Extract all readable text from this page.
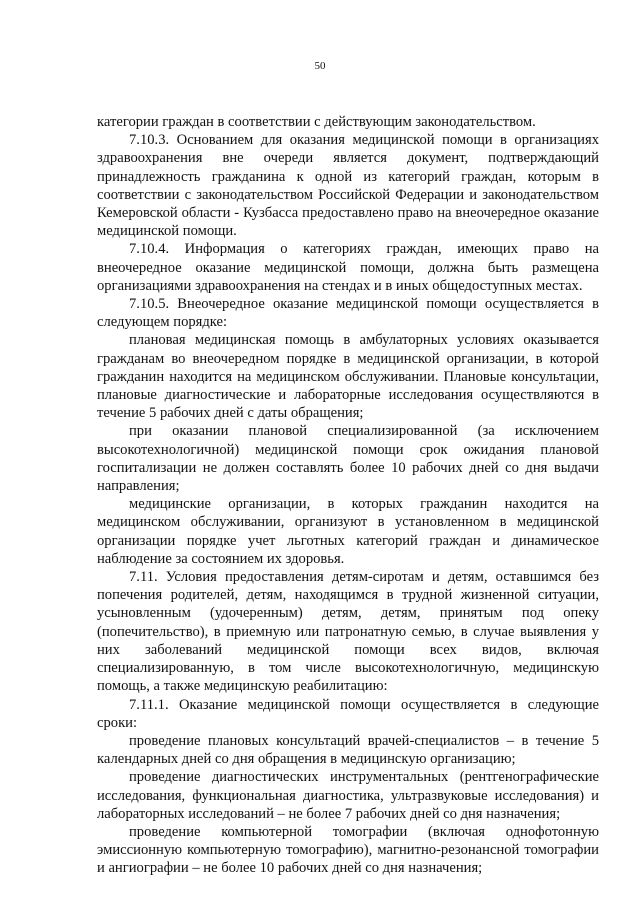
50

категории граждан в соответствии с действующим законодательством.

7.10.3. Основанием для оказания медицинской помощи в организациях здравоохранения вне очереди является документ, подтверждающий принадлежность гражданина к одной из категорий граждан, которым в соответствии с законодательством Российской Федерации и законодательством Кемеровской области - Кузбасса предоставлено право на внеочередное оказание медицинской помощи.

7.10.4. Информация о категориях граждан, имеющих право на внеочередное оказание медицинской помощи, должна быть размещена организациями здравоохранения на стендах и в иных общедоступных местах.

7.10.5. Внеочередное оказание медицинской помощи осуществляется в следующем порядке:

плановая медицинская помощь в амбулаторных условиях оказывается гражданам во внеочередном порядке в медицинской организации, в которой гражданин находится на медицинском обслуживании. Плановые консультации, плановые диагностические и лабораторные исследования осуществляются в течение 5 рабочих дней с даты обращения;

при оказании плановой специализированной (за исключением высокотехнологичной) медицинской помощи срок ожидания плановой госпитализации не должен составлять более 10 рабочих дней со дня выдачи направления;

медицинские организации, в которых гражданин находится на медицинском обслуживании, организуют в установленном в медицинской организации порядке учет льготных категорий граждан и динамическое наблюдение за состоянием их здоровья.

7.11. Условия предоставления детям-сиротам и детям, оставшимся без попечения родителей, детям, находящимся в трудной жизненной ситуации, усыновленным (удочеренным) детям, детям, принятым под опеку (попечительство), в приемную или патронатную семью, в случае выявления у них заболеваний медицинской помощи всех видов, включая специализированную, в том числе высокотехнологичную, медицинскую помощь, а также медицинскую реабилитацию:

7.11.1. Оказание медицинской помощи осуществляется в следующие сроки:

проведение плановых консультаций врачей-специалистов – в течение 5 календарных дней со дня обращения в медицинскую организацию;

проведение диагностических инструментальных (рентгенографические исследования, функциональная диагностика, ультразвуковые исследования) и лабораторных исследований – не более 7 рабочих дней со дня назначения;

проведение компьютерной томографии (включая однофотонную эмиссионную компьютерную томографию), магнитно-резонансной томографии и ангиографии – не более 10 рабочих дней со дня назначения;
